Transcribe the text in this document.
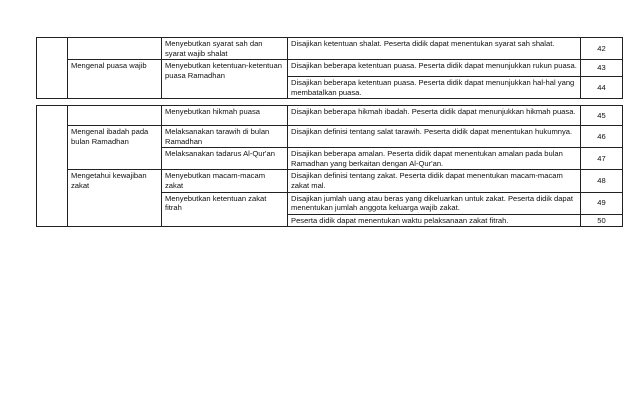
		Menyebutkan syarat sah dan syarat wajib shalat	Disajikan ketentuan shalat. Peserta didik dapat menentukan syarat sah shalat.	42
	Mengenal puasa wajib	Menyebutkan ketentuan-ketentuan puasa Ramadhan	Disajikan beberapa ketentuan puasa. Peserta didik dapat menunjukkan rukun puasa.	43
			Disajikan beberapa ketentuan puasa. Peserta didik dapat menunjukkan hal-hal yang membatalkan puasa.	44
		Menyebutkan hikmah puasa	Disajikan beberapa hikmah ibadah. Peserta didik dapat menunjukkan hikmah puasa.	45
	Mengenal ibadah pada bulan Ramadhan	Melaksanakan tarawih di bulan Ramadhan	Disajikan definisi tentang salat tarawih. Peserta didik dapat menentukan hukumnya.	46
		Melaksanakan tadarus Al-Qur'an	Disajikan beberapa amalan. Peserta didik dapat menentukan amalan pada bulan Ramadhan yang berkaitan dengan Al-Qur'an.	47
	Mengetahui kewajiban zakat	Menyebutkan macam-macam zakat	Disajikan definisi tentang zakat. Peserta didik dapat menentukan macam-macam zakat mal.	48
		Menyebutkan ketentuan zakat fitrah	Disajikan jumlah uang atau beras yang dikeluarkan untuk zakat. Peserta didik dapat menentukan jumlah anggota keluarga wajib zakat.	49
			Peserta didik dapat menentukan waktu pelaksanaan zakat fitrah.	50
